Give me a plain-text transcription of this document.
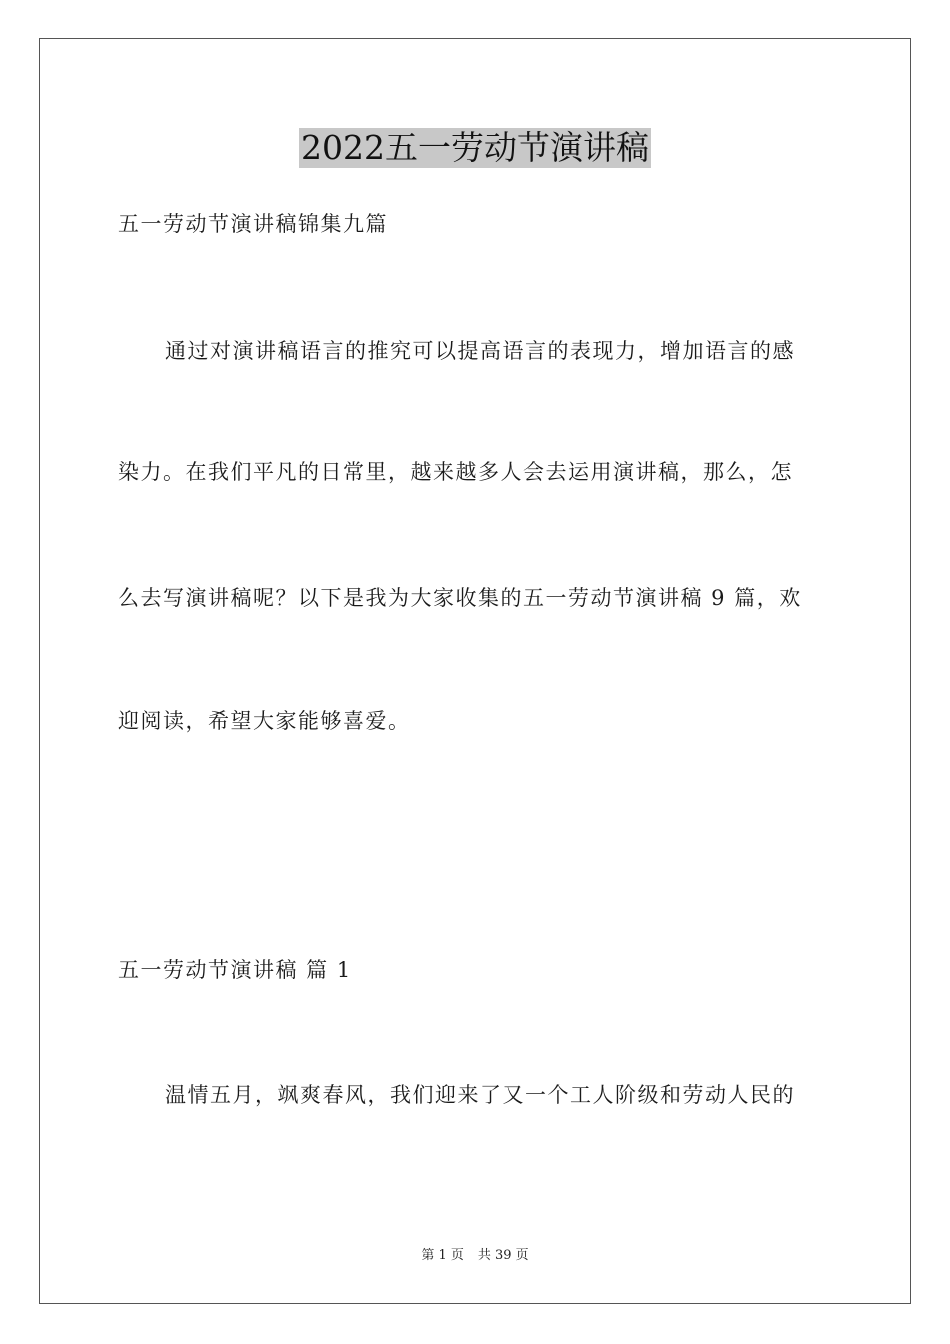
2022五一劳动节演讲稿
五一劳动节演讲稿锦集九篇
通过对演讲稿语言的推究可以提高语言的表现力，增加语言的感
染力。在我们平凡的日常里，越来越多人会去运用演讲稿，那么，怎
么去写演讲稿呢？以下是我为大家收集的五一劳动节演讲稿 9 篇，欢
迎阅读，希望大家能够喜爱。
五一劳动节演讲稿 篇 1
温情五月，飒爽春风，我们迎来了又一个工人阶级和劳动人民的
第 1 页 共 39 页
